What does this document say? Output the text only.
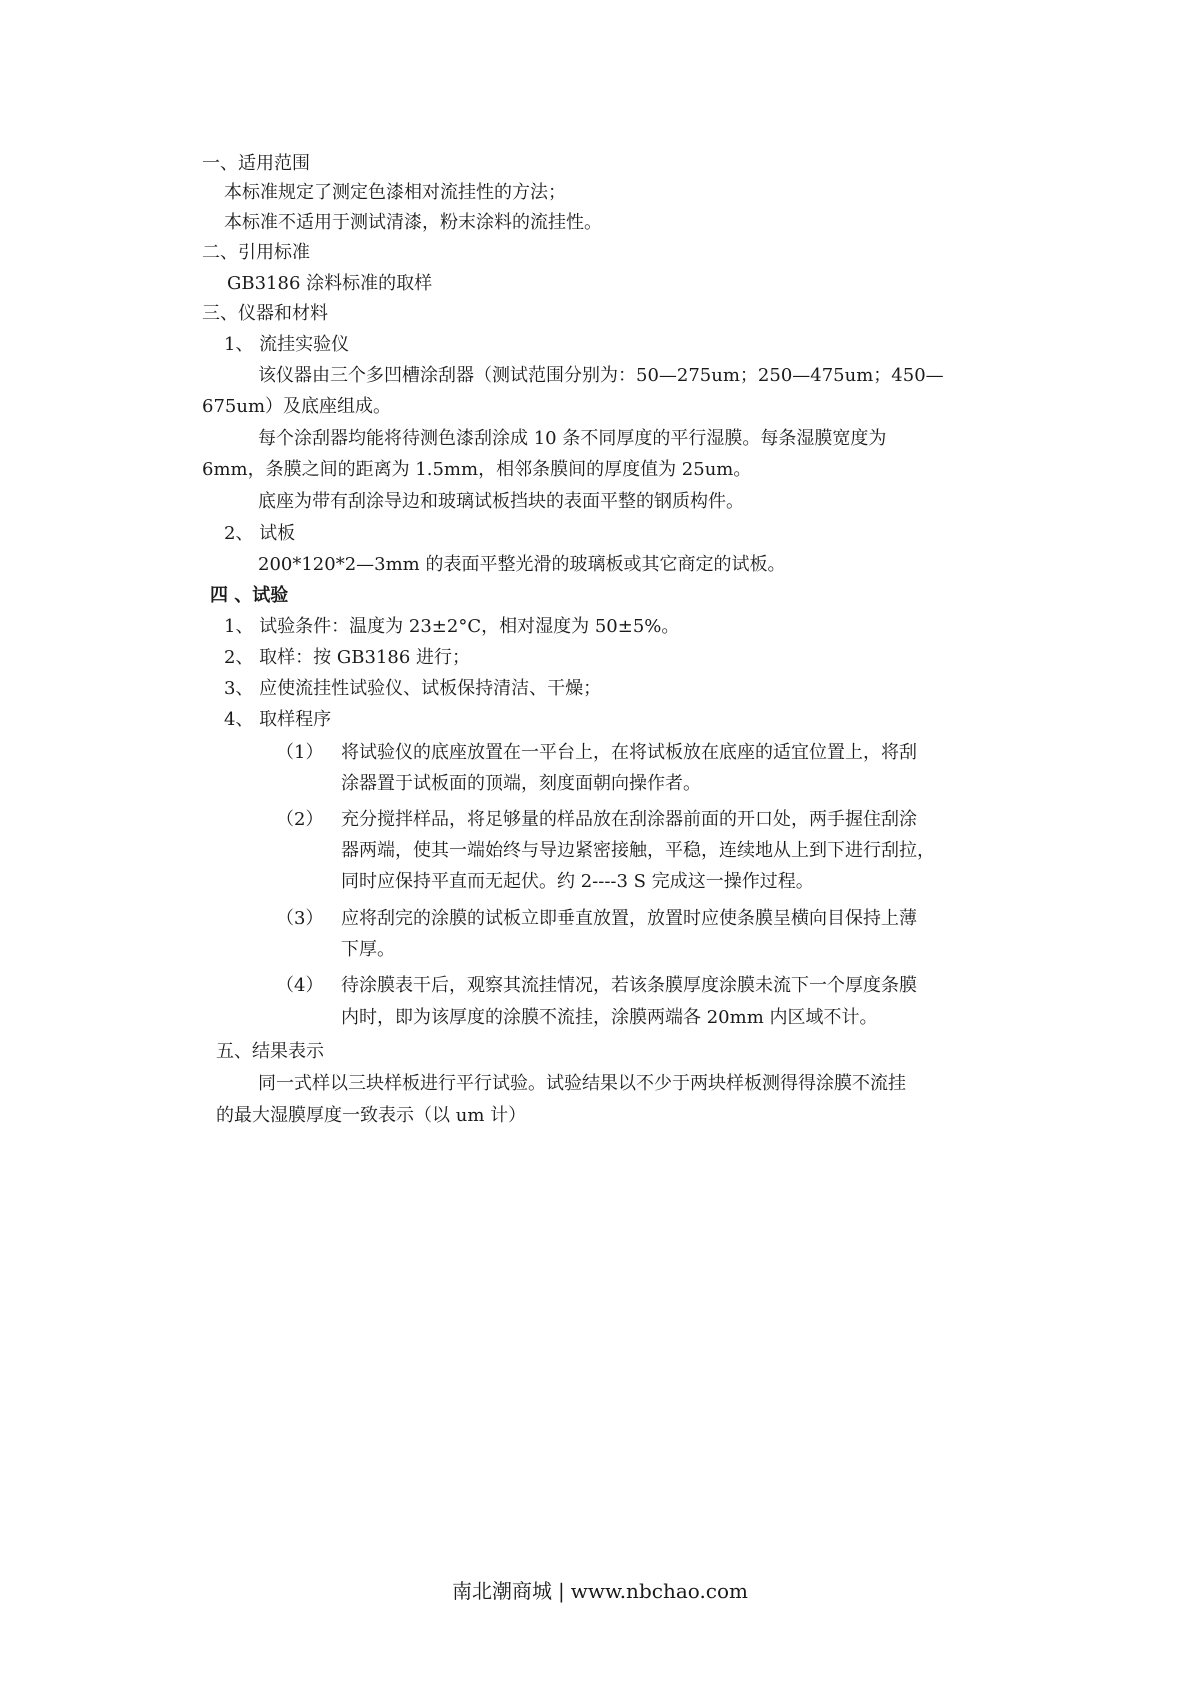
一、适用范围
本标准规定了测定色漆相对流挂性的方法；
本标准不适用于测试清漆，粉末涂料的流挂性。
二、引用标准
GB3186 涂料标准的取样
三、仪器和材料
1、 流挂实验仪
该仪器由三个多凹槽涂刮器（测试范围分别为：50—275um；250—475um；450—
675um）及底座组成。
每个涂刮器均能将待测色漆刮涂成 10 条不同厚度的平行湿膜。每条湿膜宽度为
6mm，条膜之间的距离为 1.5mm，相邻条膜间的厚度值为 25um。
底座为带有刮涂导边和玻璃试板挡块的表面平整的钢质构件。
2、 试板
200*120*2—3mm 的表面平整光滑的玻璃板或其它商定的试板。
四 、试验
1、 试验条件：温度为 23±2°C，相对湿度为 50±5%。
2、 取样：按 GB3186 进行；
3、 应使流挂性试验仪、试板保持清洁、干燥；
4、 取样程序
（1） 将试验仪的底座放置在一平台上，在将试板放在底座的适宜位置上，将刮
涂器置于试板面的顶端，刻度面朝向操作者。
（2） 充分搅拌样品，将足够量的样品放在刮涂器前面的开口处，两手握住刮涂
器两端，使其一端始终与导边紧密接触，平稳，连续地从上到下进行刮拉，
同时应保持平直而无起伏。约 2----3 S 完成这一操作过程。
（3） 应将刮完的涂膜的试板立即垂直放置，放置时应使条膜呈横向目保持上薄
下厚。
（4） 待涂膜表干后，观察其流挂情况，若该条膜厚度涂膜未流下一个厚度条膜
内时，即为该厚度的涂膜不流挂，涂膜两端各 20mm 内区域不计。
五、结果表示
同一式样以三块样板进行平行试验。试验结果以不少于两块样板测得得涂膜不流挂
的最大湿膜厚度一致表示（以 um 计）
南北潮商城 | www.nbchao.com
